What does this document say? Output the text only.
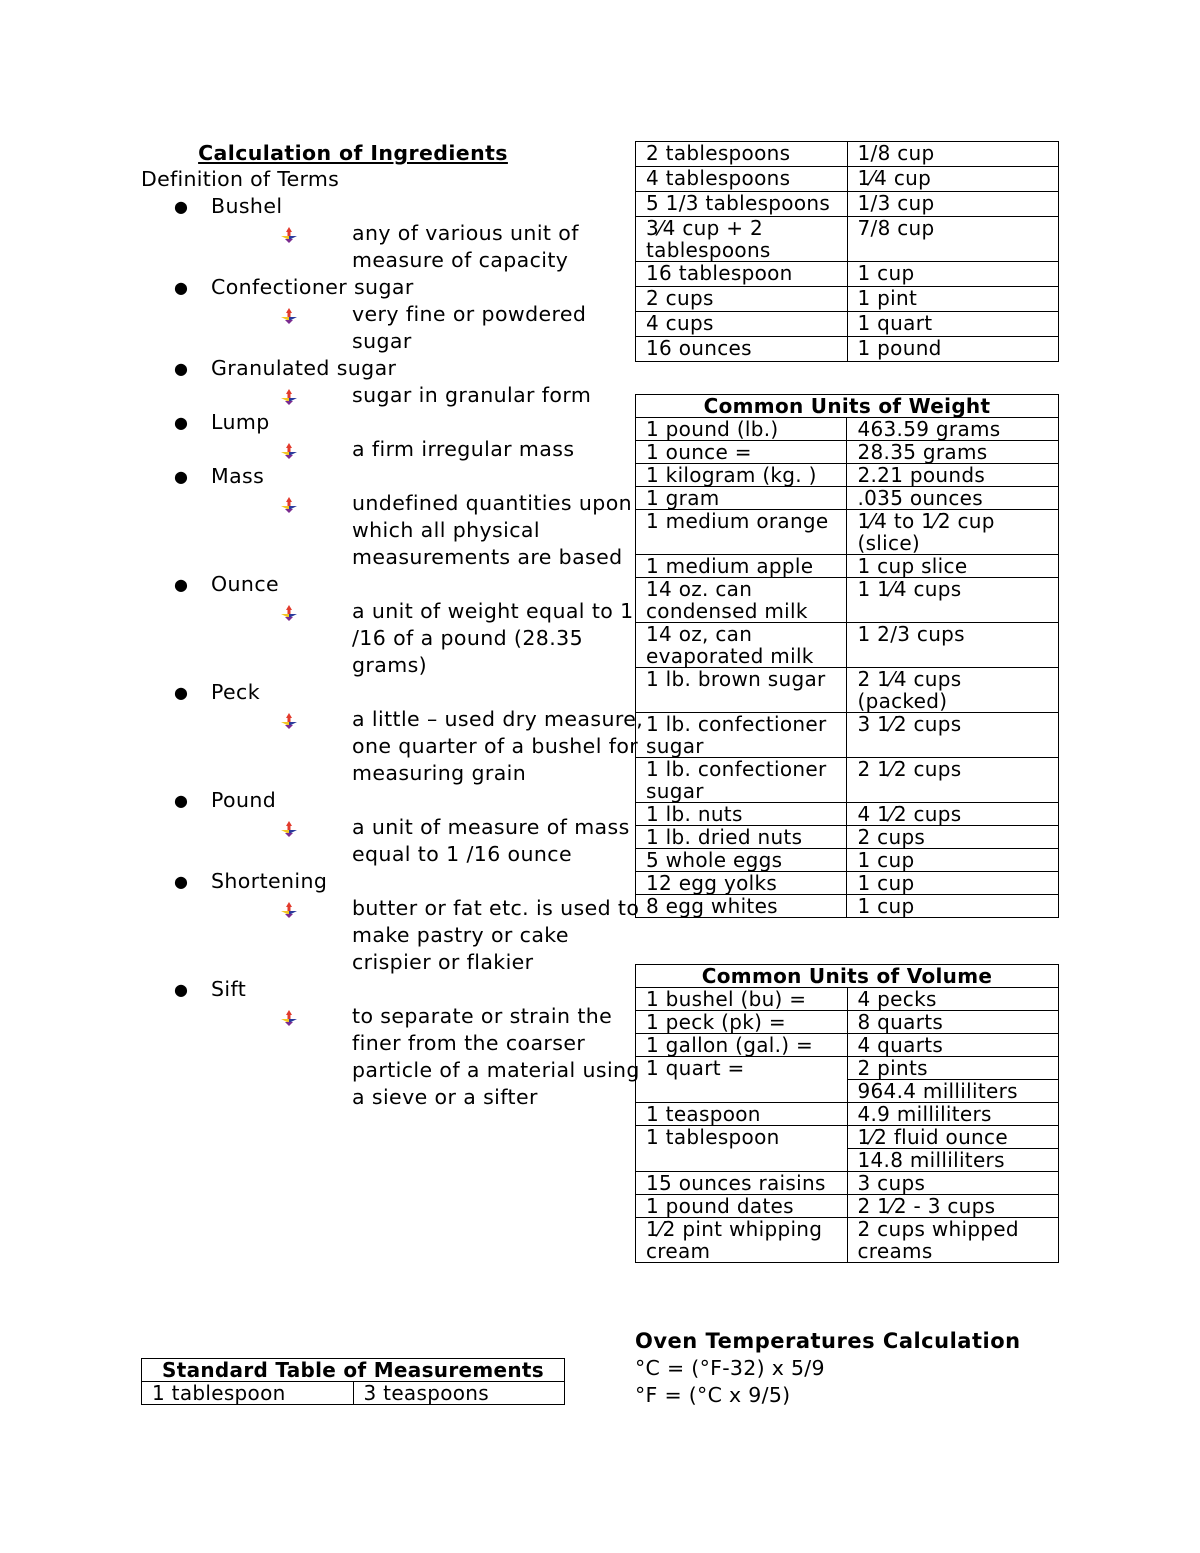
Calculation of Ingredients
Definition of Terms
● Bushel
any of various unit of measure of capacity
● Confectioner sugar
very fine or powdered sugar
● Granulated sugar
sugar in granular form
● Lump
a firm irregular mass
● Mass
undefined quantities upon which all physical measurements are based
● Ounce
a unit of weight equal to 1 /16 of a pound (28.35 grams)
● Peck
a little – used dry measure, one quarter of a bushel for measuring grain
● Pound
a unit of measure of mass equal to 1 /16 ounce
● Shortening
butter or fat etc. is used to make pastry or cake crispier or flakier
● Sift
to separate or strain the finer from the coarser particle of a material using a sieve or a sifter
Standard Table of Measurements
1 tablespoon	3 teaspoons
2 tablespoons	1/8 cup
4 tablespoons	1⁄4 cup
5 1/3 tablespoons	1/3 cup
3⁄4 cup + 2 tablespoons	7/8 cup
16 tablespoon	1 cup
2 cups	1 pint
4 cups	1 quart
16 ounces	1 pound
Common Units of Weight	
1 pound (lb.)	463.59 grams
1 ounce =	28.35 grams
1 kilogram (kg. )	2.21 pounds
1 gram	.035 ounces
1 medium orange	1⁄4 to 1⁄2 cup (slice)
1 medium apple	1 cup slice
14 oz. can condensed milk	1 1⁄4 cups
14 oz, can evaporated milk	1 2/3 cups
1 lb. brown sugar	2 1⁄4 cups (packed)
1 lb. confectioner sugar	3 1⁄2 cups
1 lb. confectioner sugar	2 1⁄2 cups
1 lb. nuts	4 1⁄2 cups
1 lb. dried nuts	2 cups
5 whole eggs	1 cup
12 egg yolks	1 cup
8 egg whites	1 cup
Common Units of Volume	
1 bushel (bu) =	4 pecks
1 peck (pk) =	8 quarts
1 gallon (gal.) =	4 quarts
1 quart =	2 pints
	964.4 milliliters
1 teaspoon	4.9 milliliters
1 tablespoon	1⁄2 fluid ounce
	14.8 milliliters
15 ounces raisins	3 cups
1 pound dates	2 1⁄2 - 3 cups
1⁄2 pint whipping cream	2 cups whipped creams
Oven Temperatures Calculation
°C = (°F-32) x 5/9
°F = (°C x 9/5)
